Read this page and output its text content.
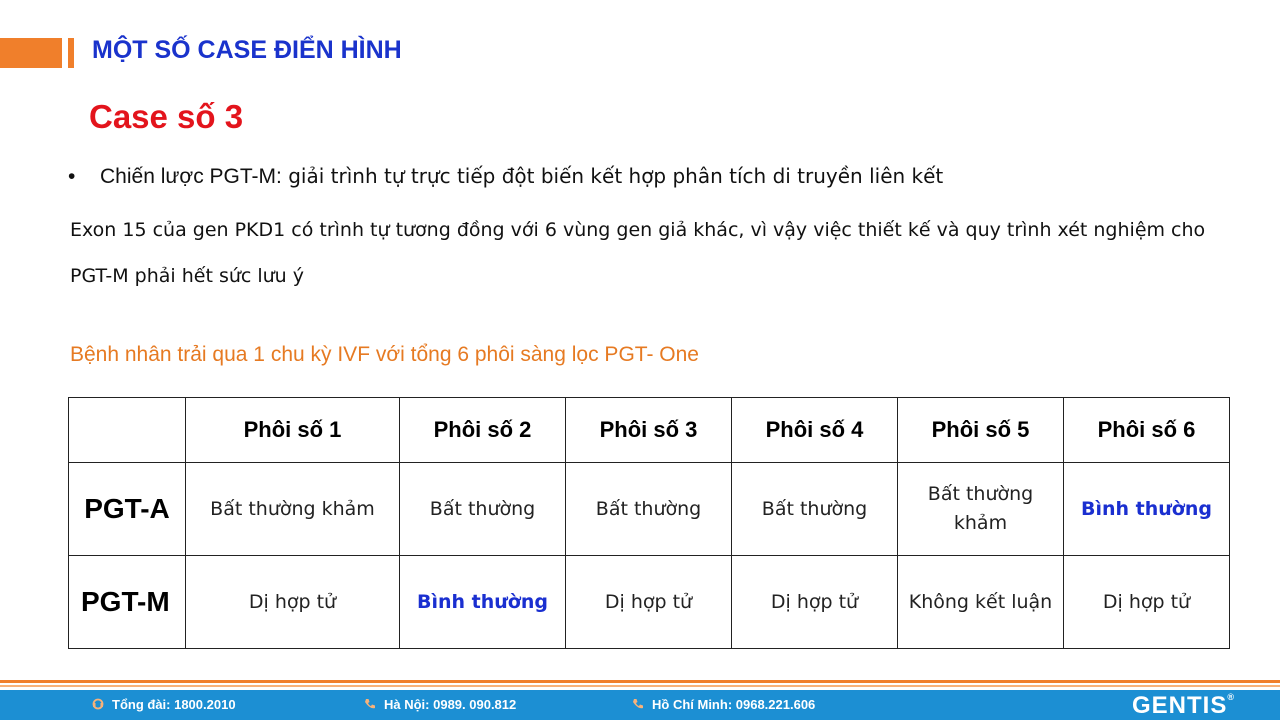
MỘT SỐ CASE ĐIỂN HÌNH
Case số 3
• Chiến lược PGT-M: giải trình tự trực tiếp đột biến kết hợp phân tích di truyền liên kết
Exon 15 của gen PKD1 có trình tự tương đồng với 6 vùng gen giả khác, vì vậy việc thiết kế và quy trình xét nghiệm cho PGT-M phải hết sức lưu ý
Bệnh nhân trải qua 1 chu kỳ IVF với tổng 6 phôi sàng lọc PGT- One
	Phôi số 1	Phôi số 2	Phôi số 3	Phôi số 4	Phôi số 5	Phôi số 6
PGT-A	Bất thường khảm	Bất thường	Bất thường	Bất thường	Bất thường khảm	Bình thường
PGT-M	Dị hợp tử	Bình thường	Dị hợp tử	Dị hợp tử	Không kết luận	Dị hợp tử
Tổng đài: 1800.2010	Hà Nội: 0989. 090.812	Hồ Chí Minh: 0968.221.606	GENTIS®
